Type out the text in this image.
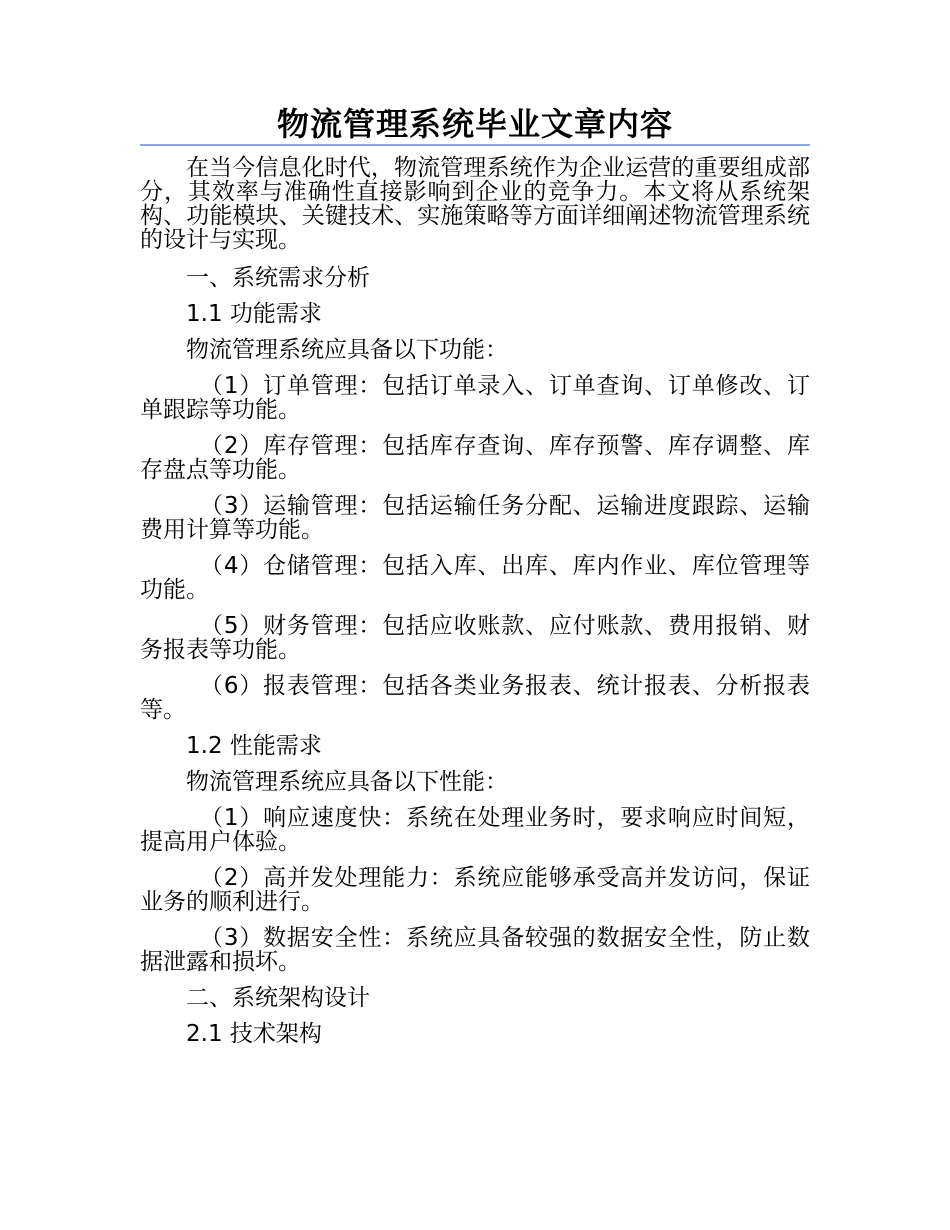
物流管理系统毕业文章内容

在当今信息化时代，物流管理系统作为企业运营的重要组成部分，其效率与准确性直接影响到企业的竞争力。本文将从系统架构、功能模块、关键技术、实施策略等方面详细阐述物流管理系统的设计与实现。

一、系统需求分析

1.1 功能需求

物流管理系统应具备以下功能：

（1）订单管理：包括订单录入、订单查询、订单修改、订单跟踪等功能。

（2）库存管理：包括库存查询、库存预警、库存调整、库存盘点等功能。

（3）运输管理：包括运输任务分配、运输进度跟踪、运输费用计算等功能。

（4）仓储管理：包括入库、出库、库内作业、库位管理等功能。

（5）财务管理：包括应收账款、应付账款、费用报销、财务报表等功能。

（6）报表管理：包括各类业务报表、统计报表、分析报表等。

1.2 性能需求

物流管理系统应具备以下性能：

（1）响应速度快：系统在处理业务时，要求响应时间短，提高用户体验。

（2）高并发处理能力：系统应能够承受高并发访问，保证业务的顺利进行。

（3）数据安全性：系统应具备较强的数据安全性，防止数据泄露和损坏。

二、系统架构设计

2.1 技术架构
